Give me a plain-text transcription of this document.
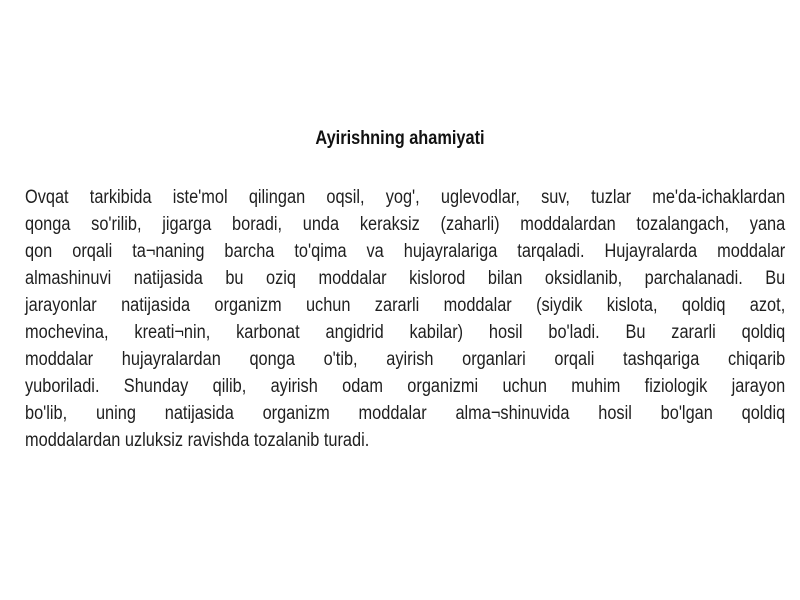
Ayirishning ahamiyati
Ovqat tarkibida iste'mol qilingan oqsil, yog', uglevodlar, suv, tuzlar me'da-ichaklardan
qonga so'rilib, jigarga boradi, unda keraksiz (zaharli) moddalardan tozalangach, yana
qon orqali ta¬naning barcha to'qima va hujayralariga tarqaladi. Hujayralarda moddalar
almashinuvi natijasida bu oziq moddalar kislorod bilan oksidlanib, parchalanadi. Bu
jarayonlar natijasida organizm uchun zararli moddalar (siydik kislota, qoldiq azot,
mochevina, kreati¬nin, karbonat angidrid kabilar) hosil bo'ladi. Bu zararli qoldiq
moddalar hujayralardan qonga o'tib, ayirish organlari orqali tashqariga chiqarib
yuboriladi. Shunday qilib, ayirish odam organizmi uchun muhim fiziologik jarayon
bo'lib, uning natijasida organizm moddalar alma¬shinuvida hosil bo'lgan qoldiq
moddalardan uzluksiz ravishda tozalanib turadi.
